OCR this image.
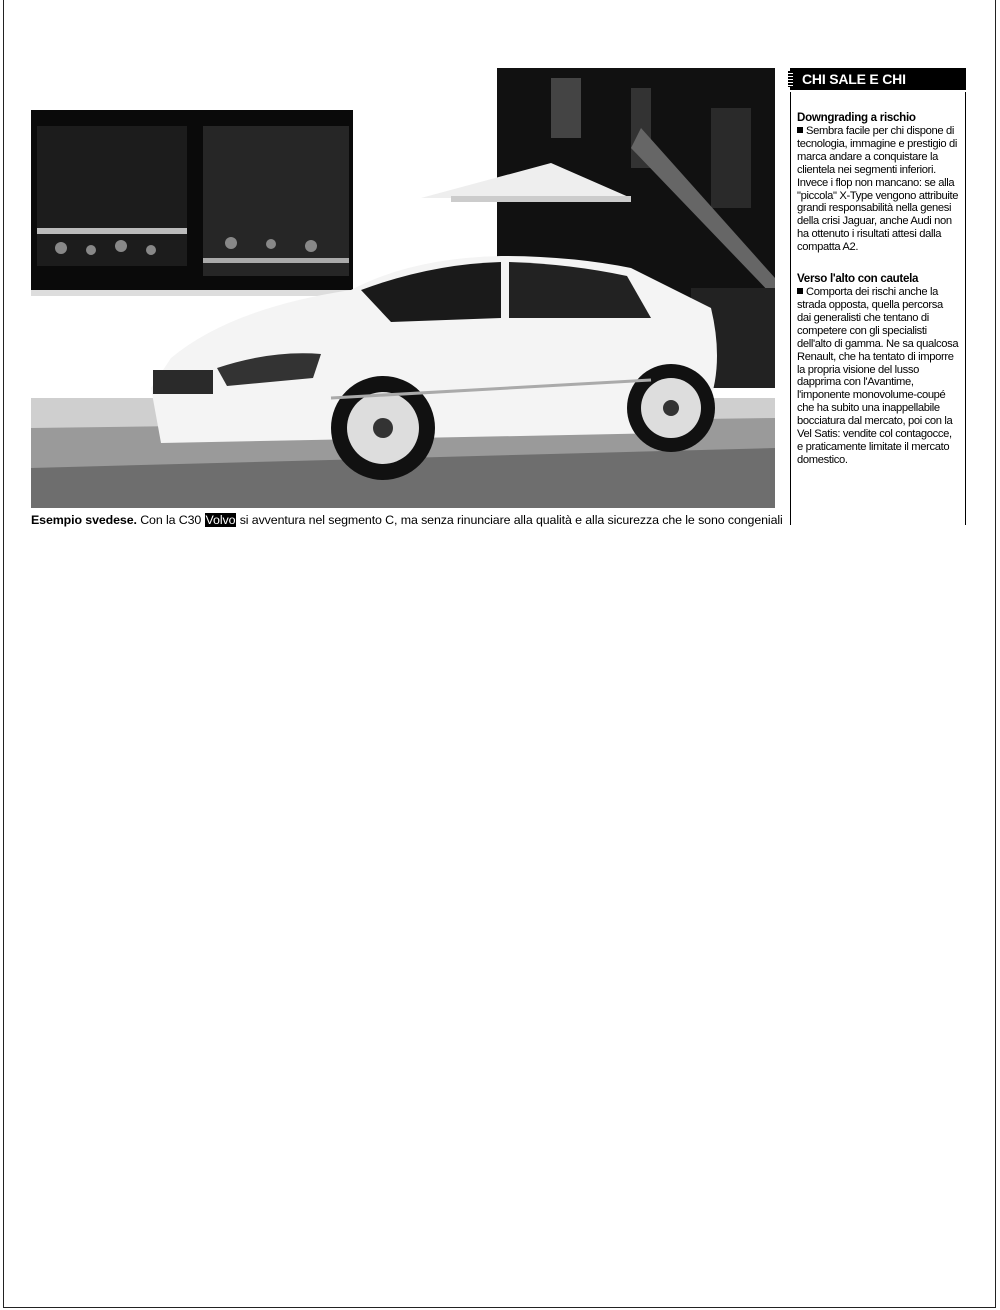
Esempio svedese. Con la C30 Volvo si avventura nel segmento C, ma senza rinunciare alla qualità e alla sicurezza che le sono congeniali
CHI SALE E CHI SCENDE
Downgrading a rischio

Sembra facile per chi dispone di tecnologia, immagine e prestigio di marca andare a conquistare la clientela nei segmenti inferiori. Invece i flop non mancano: se alla "piccola" X-Type vengono attribuite grandi responsabilità nella genesi della crisi Jaguar, anche Audi non ha ottenuto i risultati attesi dalla compatta A2.

Verso l'alto con cautela

Comporta dei rischi anche la strada opposta, quella percorsa dai generalisti che tentano di competere con gli specialisti dell'alto di gamma. Ne sa qualcosa Renault, che ha tentato di imporre la propria visione del lusso dapprima con l'Avantime, l'imponente monovolume-coupé che ha subito una inappellabile bocciatura dal mercato, poi con la Vel Satis: vendite col contagocce, e praticamente limitate il mercato domestico.
